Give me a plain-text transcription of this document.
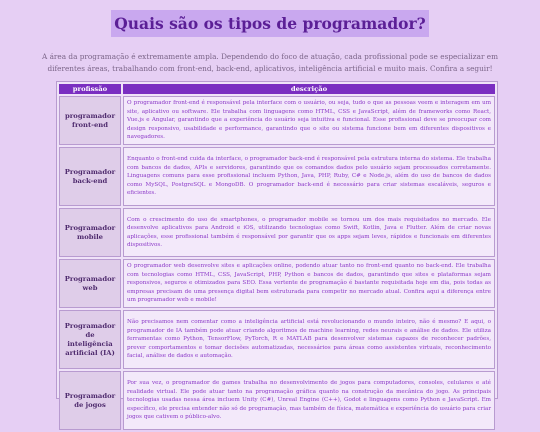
Quais são os tipos de programador?

A área da programação é extremamente ampla. Dependendo do foco de atuação, cada profissional pode se especializar em diferentes áreas, trabalhando com front-end, back-end, aplicativos, inteligência artificial e muito mais. Confira a seguir!

profissão	descrição
programador front-end	O programador front-end é responsável pela interface com o usuário, ou seja, tudo o que as pessoas veem e interagem em um site, aplicativo ou software. Ele trabalha com linguagens como HTML, CSS e JavaScript, além de frameworks como React, Vue.js e Angular, garantindo que a experiência do usuário seja intuitiva e funcional. Esse profissional deve se preocupar com design responsivo, usabilidade e performance, garantindo que o site ou sistema funcione bem em diferentes dispositivos e navegadores.
Programador back-end	Enquanto o front-end cuida da interface, o programador back-end é responsável pela estrutura interna do sistema. Ele trabalha com bancos de dados, APIs e servidores, garantindo que os comandos dados pelo usuário sejam processados corretamente. Linguagens comuns para esse profissional incluem Python, Java, PHP, Ruby, C# e Node.js, além do uso de bancos de dados como MySQL, PostgreSQL e MongoDB. O programador back-end é necessário para criar sistemas escaláveis, seguros e eficientes.
Programador mobile	Com o crescimento do uso de smartphones, o programador mobile se tornou um dos mais requisitados no mercado. Ele desenvolve aplicativos para Android e iOS, utilizando tecnologias como Swift, Kotlin, Java e Flutter. Além de criar novas aplicações, esse profissional também é responsável por garantir que os apps sejam leves, rápidos e funcionais em diferentes dispositivos.
Programador web	O programador web desenvolve sites e aplicações online, podendo atuar tanto no front-end quanto no back-end. Ele trabalha com tecnologias como HTML, CSS, JavaScript, PHP, Python e bancos de dados, garantindo que sites e plataformas sejam responsivos, seguros e otimizados para SEO. Essa vertente de programação é bastante requisitada hoje em dia, pois todas as empresas precisam de uma presença digital bem estruturada para competir no mercado atual. Confira aqui a diferença entre um programador web e mobile!
Programador de inteligência artificial (IA)	Não precisamos nem comentar como a inteligência artificial está revolucionando o mundo inteiro, não é mesmo? E aqui, o programador de IA também pode atuar criando algoritmos de machine learning, redes neurais e análise de dados. Ele utiliza ferramentas como Python, TensorFlow, PyTorch, R e MATLAB para desenvolver sistemas capazes de reconhecer padrões, prever comportamentos e tomar decisões automatizadas, necessários para áreas como assistentes virtuais, reconhecimento facial, análise de dados e automação.
Programador de jogos	Por sua vez, o programador de games trabalha no desenvolvimento de jogos para computadores, consoles, celulares e até realidade virtual. Ele pode atuar tanto na programação gráfica quanto na construção da mecânica do jogo. As principais tecnologias usadas nessa área incluem Unity (C#), Unreal Engine (C++), Godot e linguagens como Python e JavaScript. Em específico, ele precisa entender não só de programação, mas também de física, matemática e experiência do usuário para criar jogos que cativem o público-alvo.
